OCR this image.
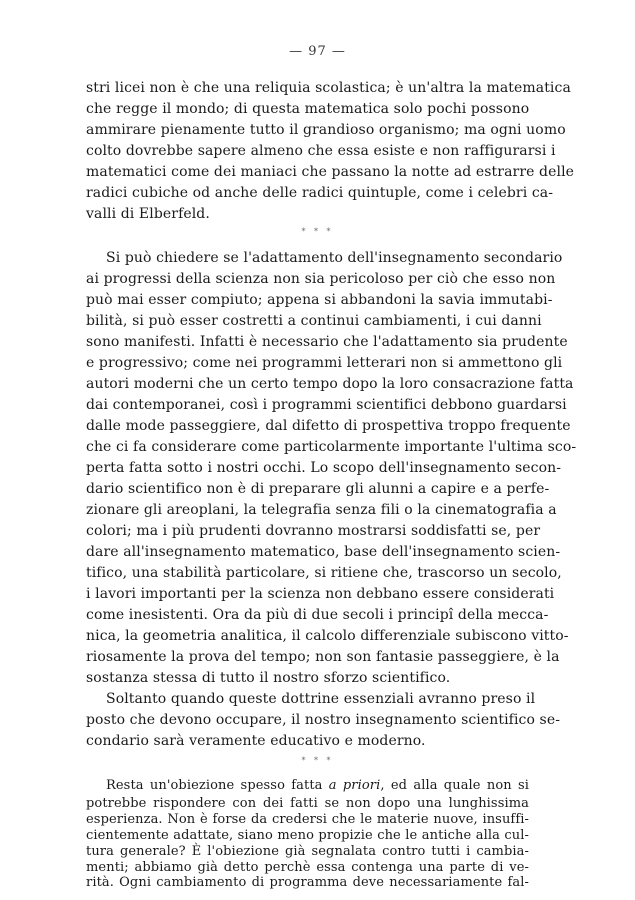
— 97 —
stri licei non è che una reliquia scolastica; è un'altra la matematica
che regge il mondo; di questa matematica solo pochi possono
ammirare pienamente tutto il grandioso organismo; ma ogni uomo
colto dovrebbe sapere almeno che essa esiste e non raffigurarsi i
matematici come dei maniaci che passano la notte ad estrarre delle
radici cubiche od anche delle radici quintuple, come i celebri ca-
valli di Elberfeld.
* * *
Si può chiedere se l'adattamento dell'insegnamento secondario
ai progressi della scienza non sia pericoloso per ciò che esso non
può mai esser compiuto; appena si abbandoni la savia immutabi-
bilità, si può esser costretti a continui cambiamenti, i cui danni
sono manifesti. Infatti è necessario che l'adattamento sia prudente
e progressivo; come nei programmi letterari non si ammettono gli
autori moderni che un certo tempo dopo la loro consacrazione fatta
dai contemporanei, così i programmi scientifici debbono guardarsi
dalle mode passeggiere, dal difetto di prospettiva troppo frequente
che ci fa considerare come particolarmente importante l'ultima sco-
perta fatta sotto i nostri occhi. Lo scopo dell'insegnamento secon-
dario scientifico non è di preparare gli alunni a capire e a perfe-
zionare gli areoplani, la telegrafia senza fili o la cinematografia a
colori; ma i più prudenti dovranno mostrarsi soddisfatti se, per
dare all'insegnamento matematico, base dell'insegnamento scien-
tifico, una stabilità particolare, si ritiene che, trascorso un secolo,
i lavori importanti per la scienza non debbano essere considerati
come inesistenti. Ora da più di due secoli i principî della mecca-
nica, la geometria analitica, il calcolo differenziale subiscono vitto-
riosamente la prova del tempo; non son fantasie passeggiere, è la
sostanza stessa di tutto il nostro sforzo scientifico.
Soltanto quando queste dottrine essenziali avranno preso il
posto che devono occupare, il nostro insegnamento scientifico se-
condario sarà veramente educativo e moderno.
* * *
Resta un'obiezione spesso fatta a priori, ed alla quale non si
potrebbe rispondere con dei fatti se non dopo una lunghissima
esperienza. Non è forse da credersi che le materie nuove, insuffi-
cientemente adattate, siano meno propizie che le antiche alla cul-
tura generale? È l'obiezione già segnalata contro tutti i cambia-
menti; abbiamo già detto perchè essa contenga una parte di ve-
rità. Ogni cambiamento di programma deve necessariamente fal-
